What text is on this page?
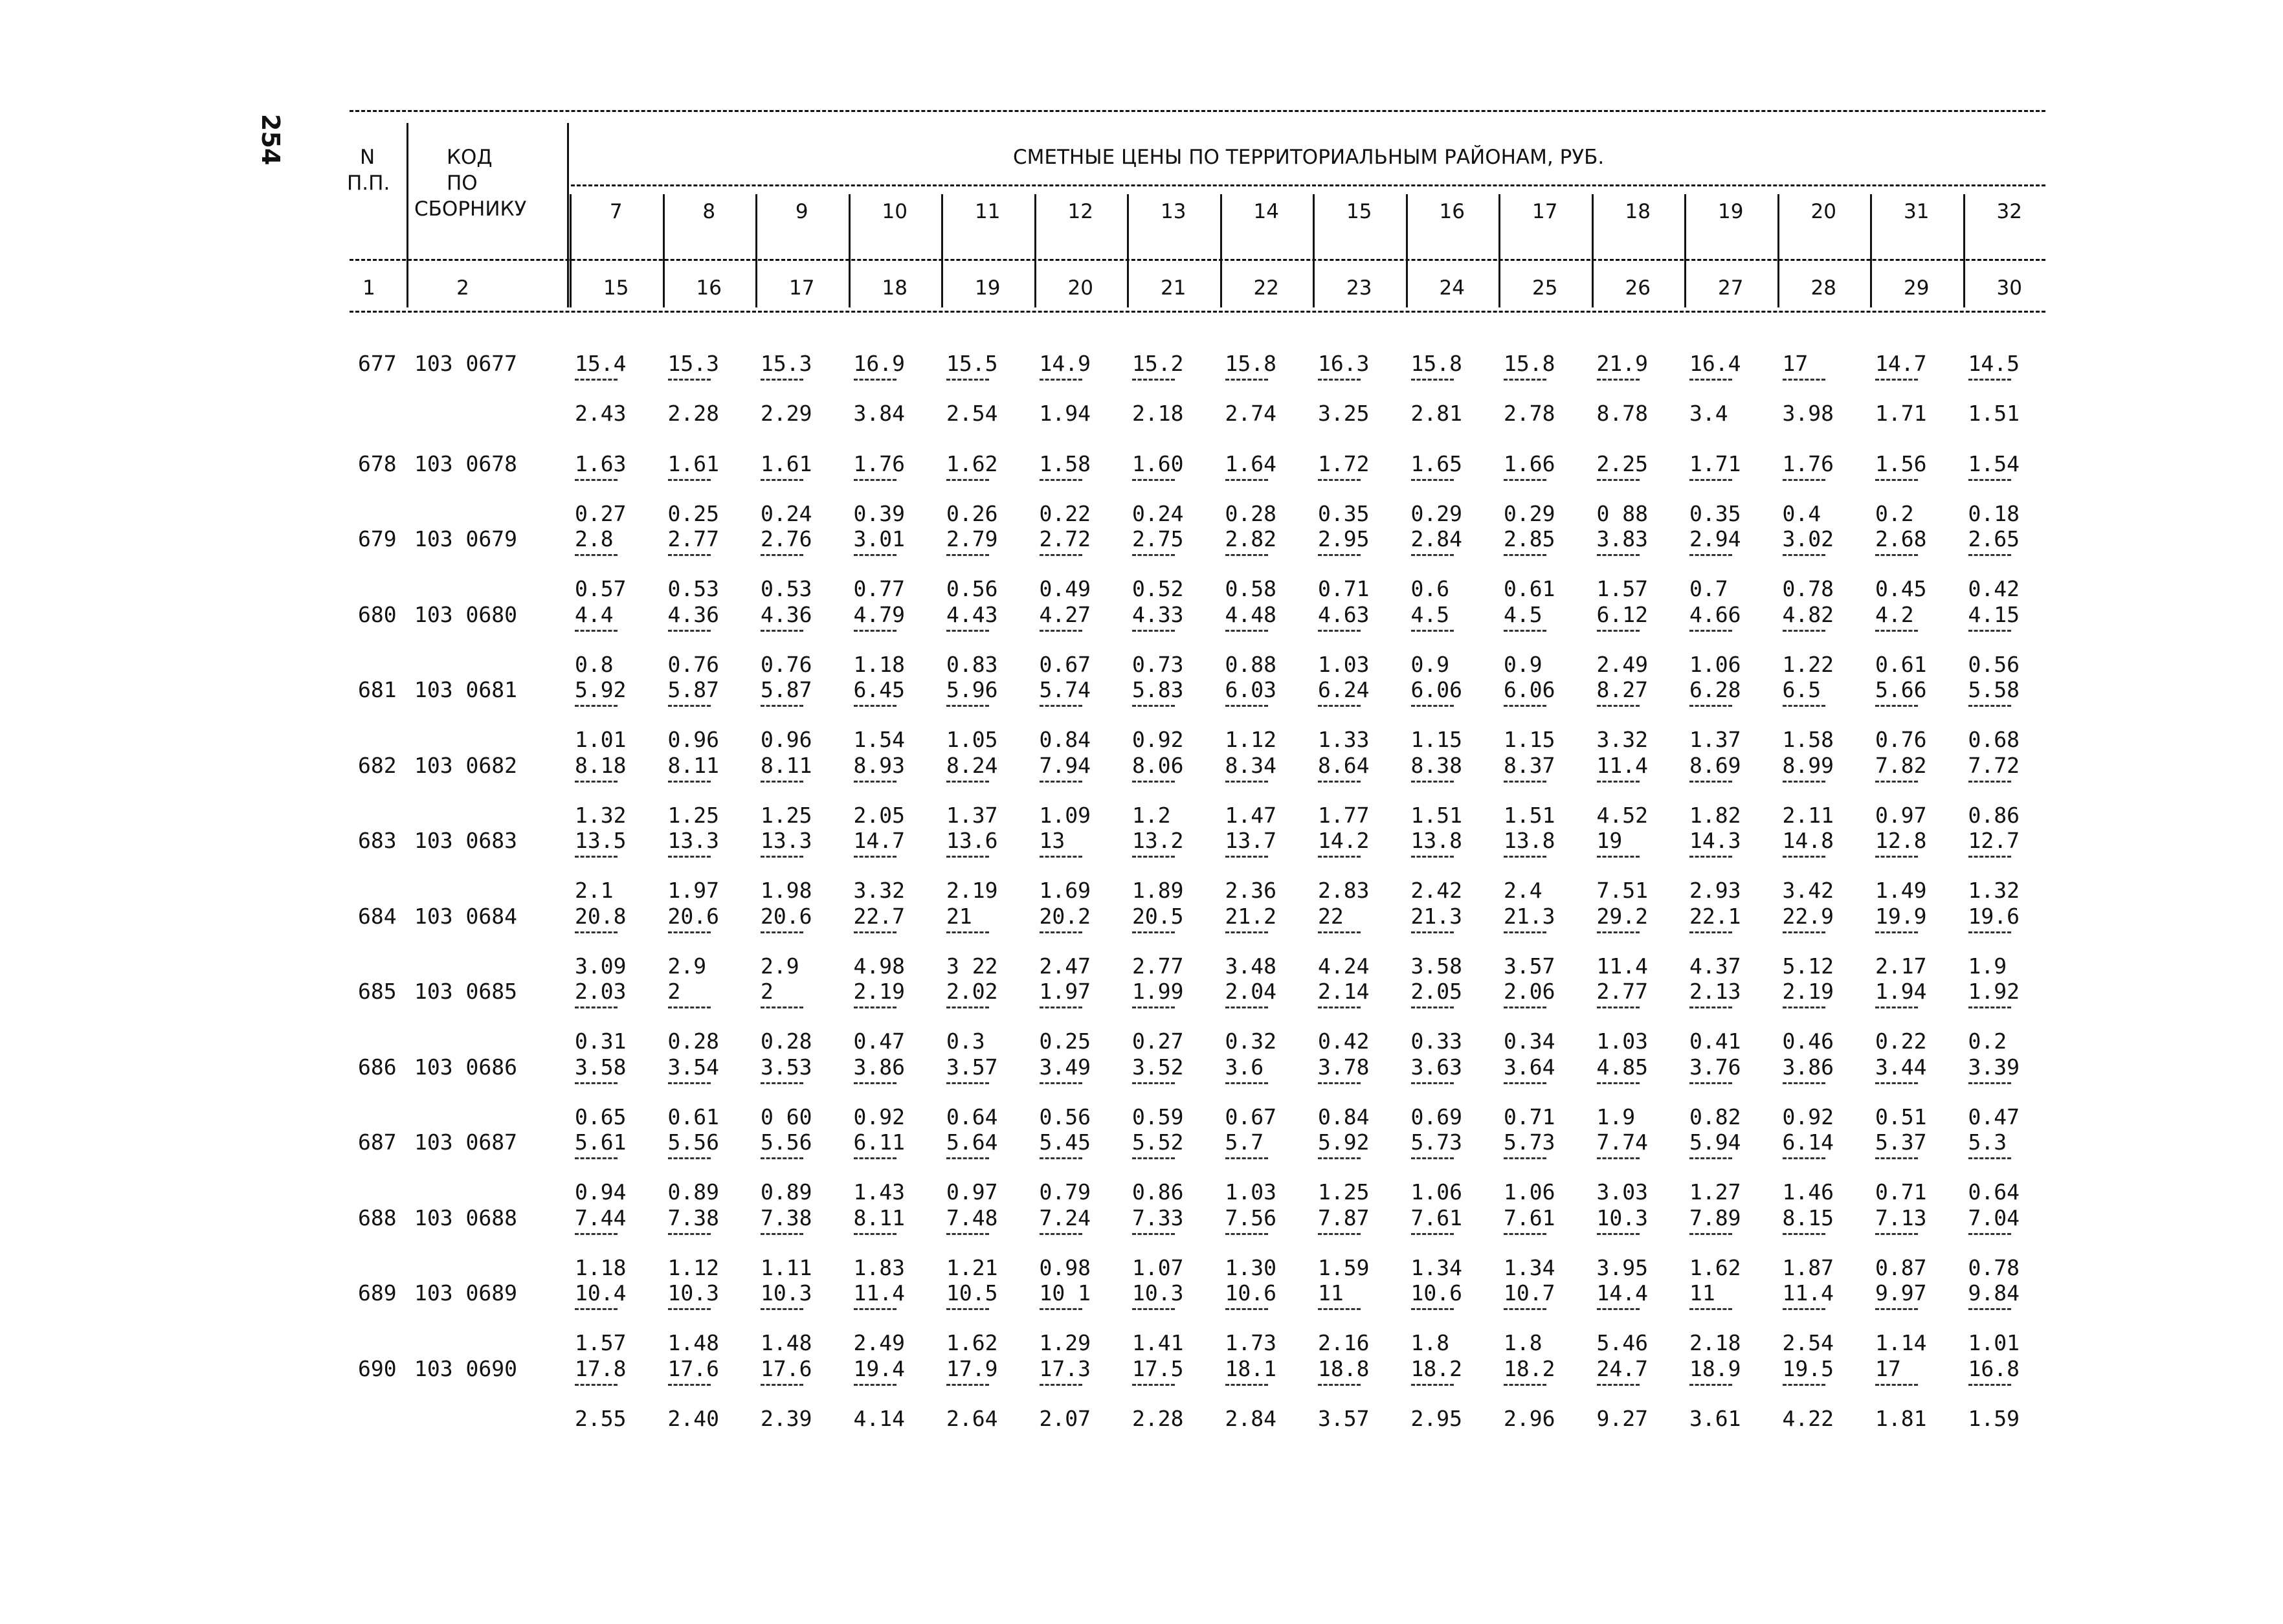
254	N
П.П.
КОД
ПО
СБОРНИКУ
СМЕТНЫЕ ЦЕНЫ ПО ТЕРРИТОРИАЛЬНЫМ РАЙОНАМ, РУБ.
7	8	9	10	11	12	13	14	15	16	17	18	19	20	31	32
1	2	15	16	17	18	19	20	21	22	23	24	25	26	27	28	29	30
677 103 0677	15.4 15.3 15.3 16.9 15.5 14.9 15.2 15.8 16.3 15.8 15.8 21.9 16.4 17	14.7 14.5
2.43 2.28 2.29 3.84 2.54 1.94 2.18 2.74 3.25 2.81 2.78 8.78 3.4	3.98 1.71 1.51
678 103 0678	1.63 1.61 1.61 1.76 1.62 1.58 1.60 1.64 1.72 1.65 1.66 2.25 1.71 1.76 1.56 1.54
0.27 0.25 0.24 0.39 0.26 0.22 0.24 0.28 0.35 0.29 0.29 0 88 0.35 0.4	0.2	0.18
679 103 0679	2.8	2.77 2.76 3.01 2.79 2.72 2.75 2.82 2.95 2.84 2.85 3.83 2.94 3.02 2.68 2.65
0.57 0.53 0.53 0.77 0.56 0.49 0.52 0.58 0.71 0.6	0.61 1.57 0.7	0.78 0.45 0.42
680 103 0680	4.4	4.36 4.36 4.79 4.43 4.27 4.33 4.48 4.63 4.5	4.5	6.12 4.66 4.82 4.2	4.15
0.8	0.76 0.76 1.18 0.83 0.67 0.73 0.88 1.03 0.9	0.9	2.49 1.06 1.22 0.61 0.56
681 103 0681	5.92 5.87 5.87 6.45 5.96 5.74 5.83 6.03 6.24 6.06 6.06 8.27 6.28 6.5	5.66 5.58
1.01 0.96 0.96 1.54 1.05 0.84 0.92 1.12 1.33 1.15 1.15 3.32 1.37 1.58 0.76 0.68
682 103 0682	8.18 8.11 8.11 8.93 8.24 7.94 8.06 8.34 8.64 8.38 8.37 11.4 8.69 8.99 7.82 7.72
1.32 1.25 1.25 2.05 1.37 1.09 1.2	1.47 1.77 1.51 1.51 4.52 1.82 2.11 0.97 0.86
683 103 0683	13.5 13.3 13.3 14.7 13.6 13	13.2 13.7 14.2 13.8 13.8 19	14.3 14.8 12.8 12.7
2.1	1.97 1.98 3.32 2.19 1.69 1.89 2.36 2.83 2.42 2.4	7.51 2.93 3.42 1.49 1.32
684 103 0684	20.8 20.6 20.6 22.7 21	20.2 20.5 21.2 22	21.3 21.3 29.2 22.1 22.9 19.9 19.6
3.09 2.9	2.9	4.98 3 22 2.47 2.77 3.48 4.24 3.58 3.57 11.4 4.37 5.12 2.17 1.9
685 103 0685	2.03 2	2	2.19 2.02 1.97 1.99 2.04 2.14 2.05 2.06 2.77 2.13 2.19 1.94 1.92
0.31 0.28 0.28 0.47 0.3	0.25 0.27 0.32 0.42 0.33 0.34 1.03 0.41 0.46 0.22 0.2
686 103 0686	3.58 3.54 3.53 3.86 3.57 3.49 3.52 3.6	3.78 3.63 3.64 4.85 3.76 3.86 3.44 3.39
0.65 0.61 0 60 0.92 0.64 0.56 0.59 0.67 0.84 0.69 0.71 1.9	0.82 0.92 0.51 0.47
687 103 0687	5.61 5.56 5.56 6.11 5.64 5.45 5.52 5.7	5.92 5.73 5.73 7.74 5.94 6.14 5.37 5.3
0.94 0.89 0.89 1.43 0.97 0.79 0.86 1.03 1.25 1.06 1.06 3.03 1.27 1.46 0.71 0.64
688 103 0688	7.44 7.38 7.38 8.11 7.48 7.24 7.33 7.56 7.87 7.61 7.61 10.3 7.89 8.15 7.13 7.04
1.18 1.12 1.11 1.83 1.21 0.98 1.07 1.30 1.59 1.34 1.34 3.95 1.62 1.87 0.87 0.78
689 103 0689	10.4 10.3 10.3 11.4 10.5 10 1 10.3 10.6 11	10.6 10.7 14.4 11	11.4 9.97 9.84
1.57 1.48 1.48 2.49 1.62 1.29 1.41 1.73 2.16 1.8	1.8	5.46 2.18 2.54 1.14 1.01
690 103 0690	17.8 17.6 17.6 19.4 17.9 17.3 17.5 18.1 18.8 18.2 18.2 24.7 18.9 19.5 17	16.8
2.55 2.40 2.39 4.14 2.64 2.07 2.28 2.84 3.57 2.95 2.96 9.27 3.61 4.22 1.81 1.59
